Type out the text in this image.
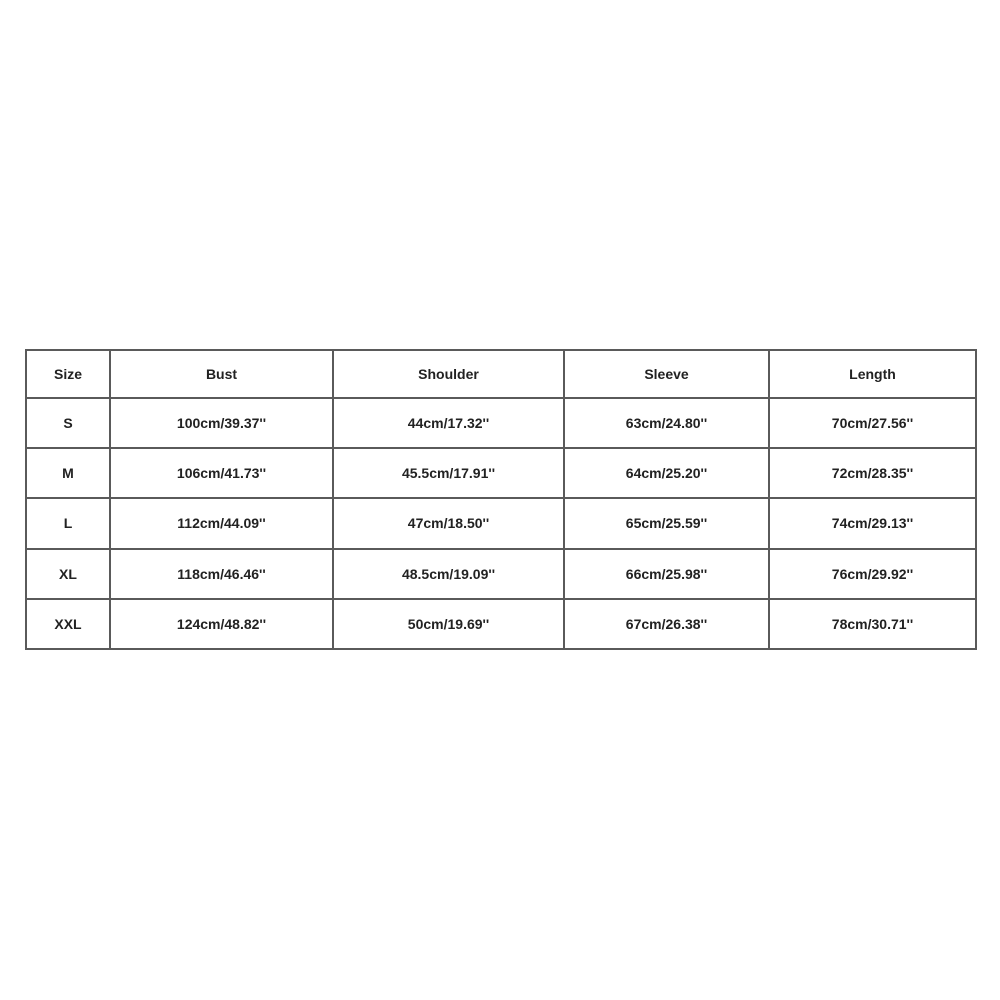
Size	Bust	Shoulder	Sleeve	Length
S	100cm/39.37''	44cm/17.32''	63cm/24.80''	70cm/27.56''
M	106cm/41.73''	45.5cm/17.91''	64cm/25.20''	72cm/28.35''
L	112cm/44.09''	47cm/18.50''	65cm/25.59''	74cm/29.13''
XL	118cm/46.46''	48.5cm/19.09''	66cm/25.98''	76cm/29.92''
XXL	124cm/48.82''	50cm/19.69''	67cm/26.38''	78cm/30.71''
